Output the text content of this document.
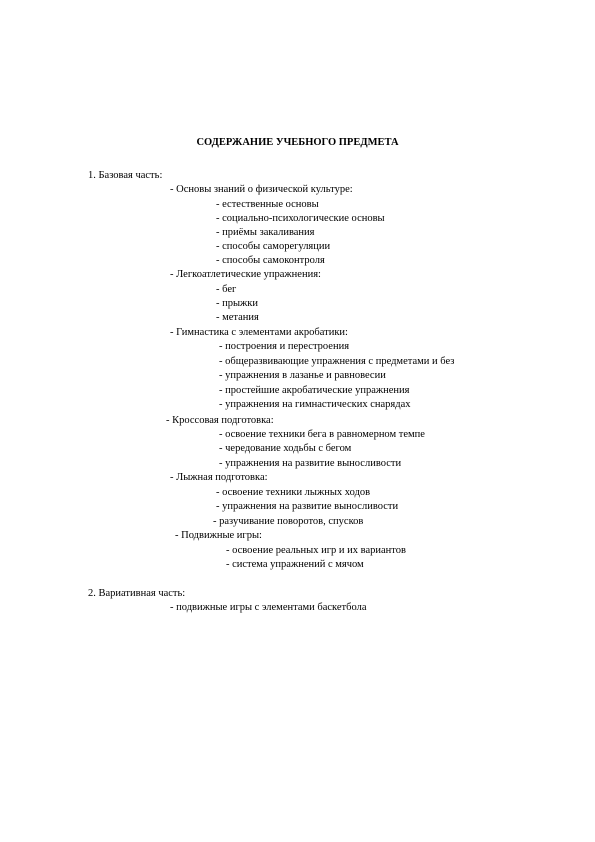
СОДЕРЖАНИЕ УЧЕБНОГО ПРЕДМЕТА
1. Базовая часть:
- Основы знаний о физической культуре:
- естественные основы
- социально-психологические основы
- приёмы закаливания
- способы саморегуляции
- способы самоконтроля
- Легкоатлетические упражнения:
- бег
- прыжки
- метания
- Гимнастика с элементами акробатики:
- построения и перестроения
- общеразвивающие упражнения с предметами и без
- упражнения в лазанье и равновесии
- простейшие акробатические упражнения
- упражнения на гимнастических снарядах
- Кроссовая подготовка:
- освоение техники бега в равномерном темпе
- чередование ходьбы с бегом
- упражнения на развитие выносливости
- Лыжная подготовка:
- освоение техники лыжных ходов
- упражнения на развитие выносливости
- разучивание поворотов, спусков
- Подвижные игры:
- освоение реальных игр и их вариантов
- система упражнений с мячом
2. Вариативная часть:
- подвижные игры с элементами баскетбола
